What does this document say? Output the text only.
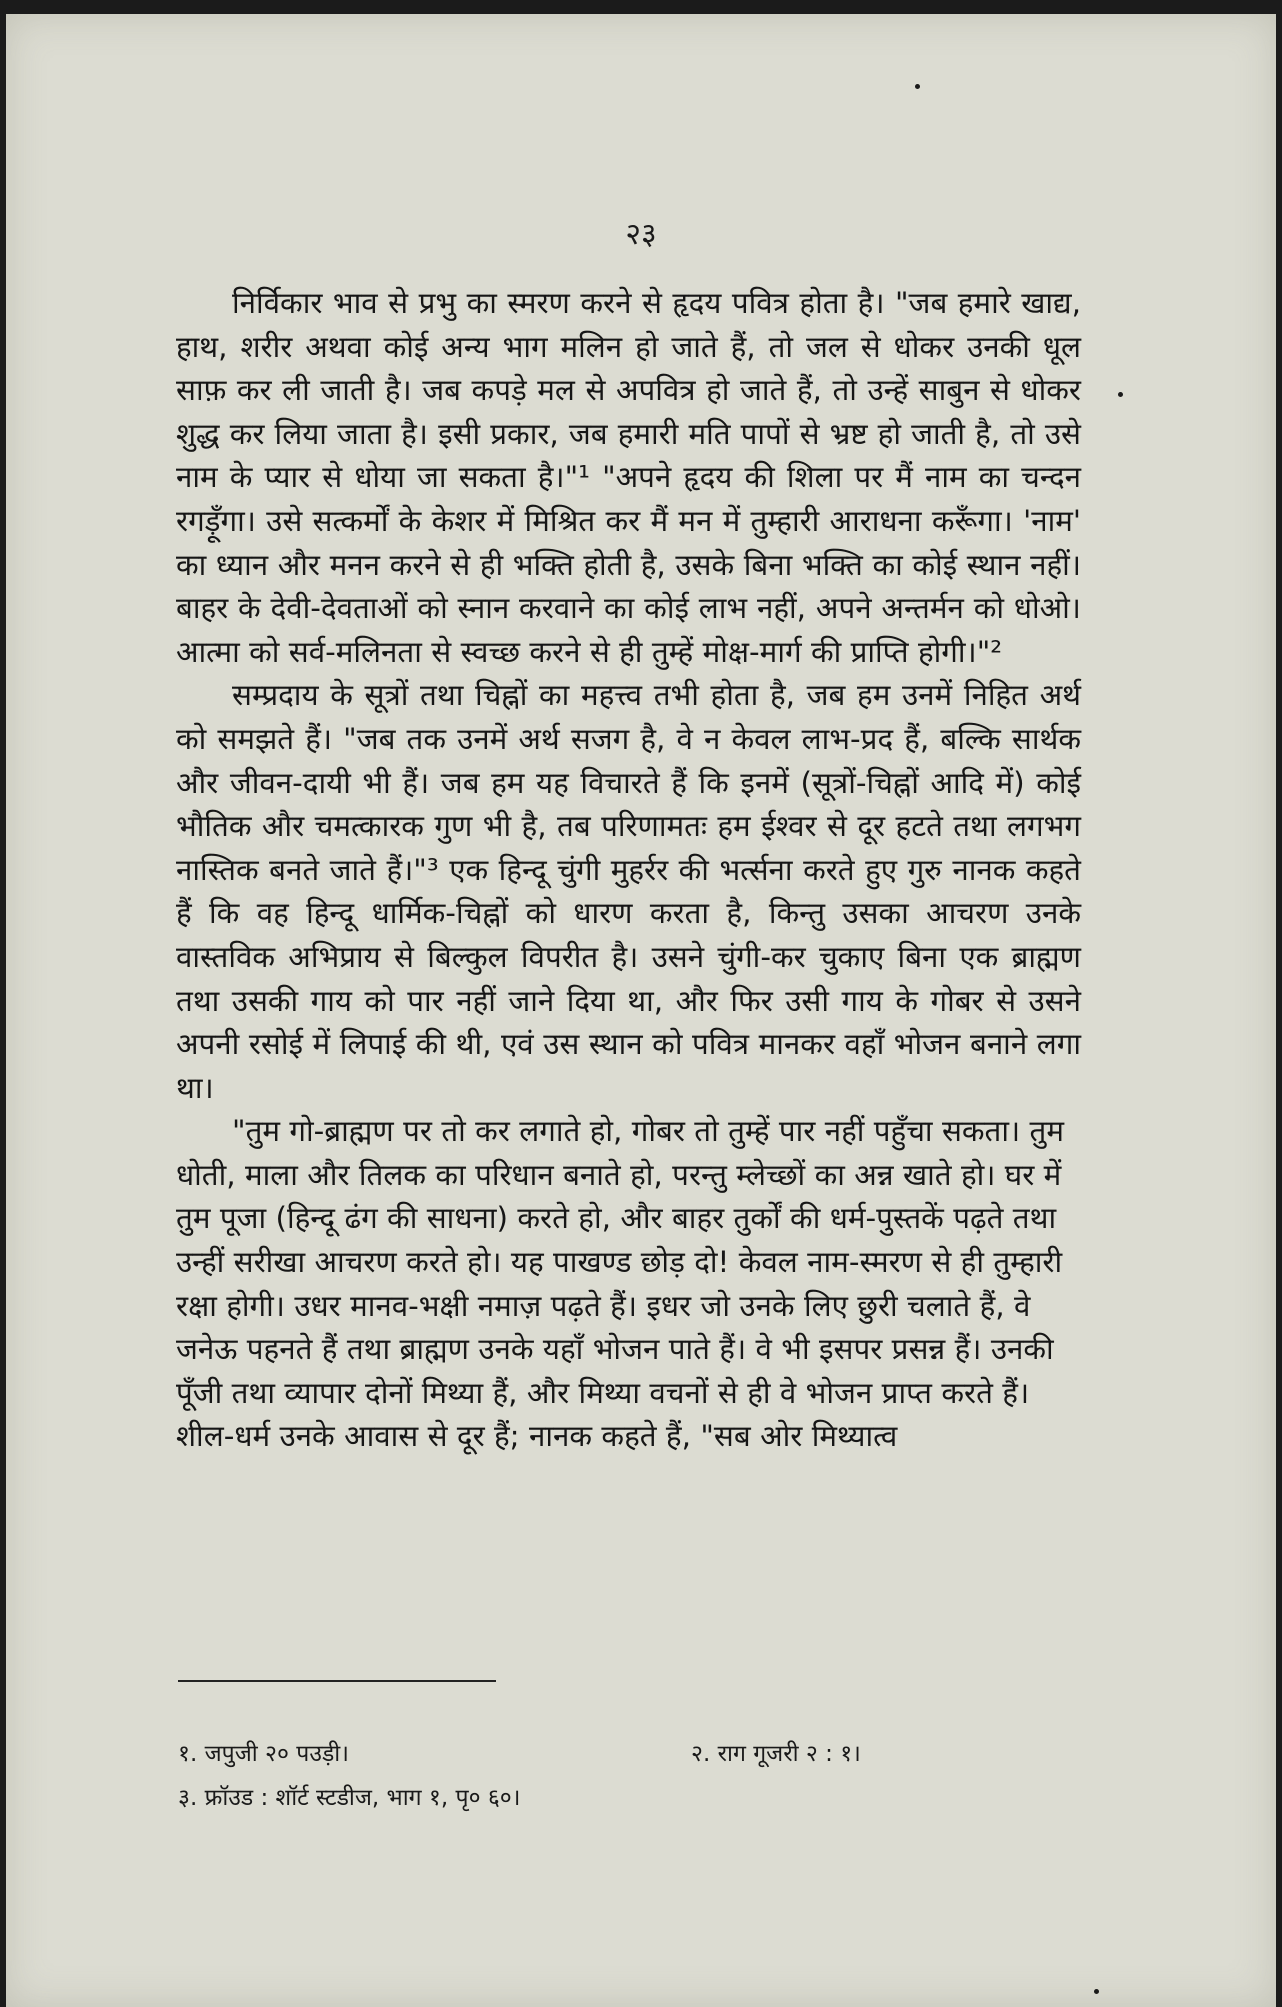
२३

निर्विकार भाव से प्रभु का स्मरण करने से हृदय पवित्र होता है। "जब हमारे खाद्य, हाथ, शरीर अथवा कोई अन्य भाग मलिन हो जाते हैं, तो जल से धोकर उनकी धूल साफ़ कर ली जाती है। जब कपड़े मल से अपवित्र हो जाते हैं, तो उन्हें साबुन से धोकर शुद्ध कर लिया जाता है। इसी प्रकार, जब हमारी मति पापों से भ्रष्ट हो जाती है, तो उसे नाम के प्यार से धोया जा सकता है।"¹ "अपने हृदय की शिला पर मैं नाम का चन्दन रगड़ूँगा। उसे सत्कर्मों के केशर में मिश्रित कर मैं मन में तुम्हारी आराधना करूँगा। 'नाम' का ध्यान और मनन करने से ही भक्ति होती है, उसके बिना भक्ति का कोई स्थान नहीं। बाहर के देवी-देवताओं को स्नान करवाने का कोई लाभ नहीं, अपने अन्तर्मन को धोओ। आत्मा को सर्व-मलिनता से स्वच्छ करने से ही तुम्हें मोक्ष-मार्ग की प्राप्ति होगी।"²

सम्प्रदाय के सूत्रों तथा चिह्नों का महत्त्व तभी होता है, जब हम उनमें निहित अर्थ को समझते हैं। "जब तक उनमें अर्थ सजग है, वे न केवल लाभ-प्रद हैं, बल्कि सार्थक और जीवन-दायी भी हैं। जब हम यह विचारते हैं कि इनमें (सूत्रों-चिह्नों आदि में) कोई भौतिक और चमत्कारक गुण भी है, तब परिणामतः हम ईश्वर से दूर हटते तथा लगभग नास्तिक बनते जाते हैं।"³ एक हिन्दू चुंगी मुहर्रर की भर्त्सना करते हुए गुरु नानक कहते हैं कि वह हिन्दू धार्मिक-चिह्नों को धारण करता है, किन्तु उसका आचरण उनके वास्तविक अभिप्राय से बिल्कुल विपरीत है। उसने चुंगी-कर चुकाए बिना एक ब्राह्मण तथा उसकी गाय को पार नहीं जाने दिया था, और फिर उसी गाय के गोबर से उसने अपनी रसोई में लिपाई की थी, एवं उस स्थान को पवित्र मानकर वहाँ भोजन बनाने लगा था।

"तुम गो-ब्राह्मण पर तो कर लगाते हो, गोबर तो तुम्हें पार नहीं पहुँचा सकता। तुम धोती, माला और तिलक का परिधान बनाते हो, परन्तु म्लेच्छों का अन्न खाते हो। घर में तुम पूजा (हिन्दू ढंग की साधना) करते हो, और बाहर तुर्कों की धर्म-पुस्तकें पढ़ते तथा उन्हीं सरीखा आचरण करते हो। यह पाखण्ड छोड़ दो! केवल नाम-स्मरण से ही तुम्हारी रक्षा होगी। उधर मानव-भक्षी नमाज़ पढ़ते हैं। इधर जो उनके लिए छुरी चलाते हैं, वे जनेऊ पहनते हैं तथा ब्राह्मण उनके यहाँ भोजन पाते हैं। वे भी इसपर प्रसन्न हैं। उनकी पूँजी तथा व्यापार दोनों मिथ्या हैं, और मिथ्या वचनों से ही वे भोजन प्राप्त करते हैं। शील-धर्म उनके आवास से दूर हैं; नानक कहते हैं, "सब ओर मिथ्यात्व

१. जपुजी २० पउड़ी।	२. राग गूजरी २ : १।
३. फ्रॉउड : शॉर्ट स्टडीज, भाग १, पृ० ६०।
